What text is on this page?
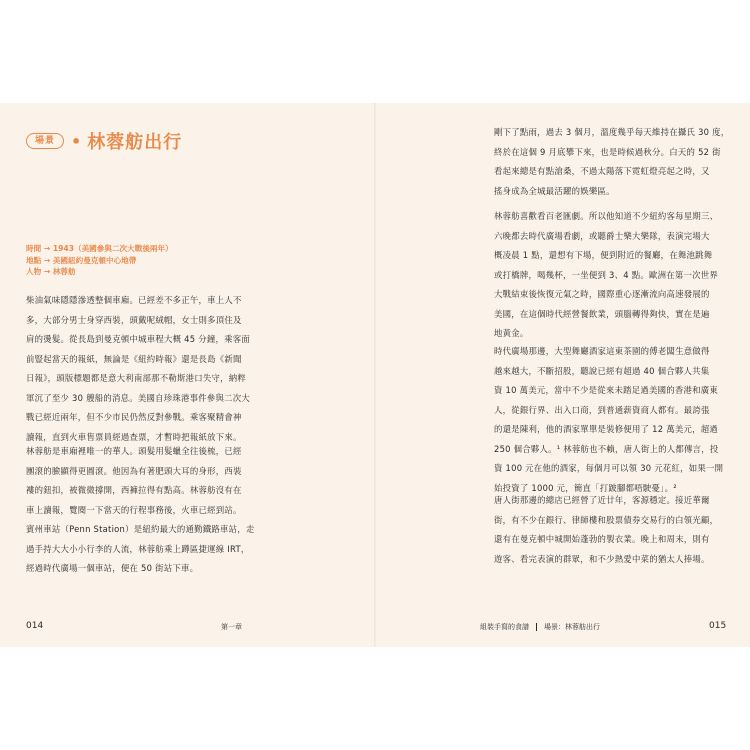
場景	• 林蓉舫出行
時間 → 1943（美國參與二次大戰後兩年）
地點 → 美國紐約曼克頓中心地帶
人物 → 林蓉舫
柴油氣味隱隱滲透整個車廂。已經差不多正午，車上人不
多，大部分男士身穿西裝，頭戴呢絨帽，女士則多頂住及
肩的燙髮。從長島到曼克頓中城車程大概 45 分鐘，乘客面
前豎起當天的報紙，無論是《紐約時報》還是長島《新聞
日報》，頭版標題都是意大利南部那不勒斯港口失守，納粹
軍沉了至少 30 艘船的消息。美國自珍珠港事件參與二次大
戰已經近兩年，但不少市民仍然反對參戰。乘客聚精會神
讀報，直到火車售票員經過查票，才暫時把報紙放下來。
林蓉舫是車廂裡唯一的華人。頭髮用髮蠟全往後梳，已經
團滾的臉顯得更圓滾。他因為有著肥頭大耳的身形，西裝
褸的鈕扣，被微微撐開，西褲拉得有點高。林蓉舫沒有在
車上讀報，覽閱一下當天的行程事務後，火車已經到站。
賓州車站（Penn Station）是紐約最大的通勤鐵路車站，走
過手持大大小小行李的人流，林蓉舫乘上蹲區捷運線 IRT，
經過時代廣場一個車站，便在 50 街站下車。
014	第一章
剛下了點雨，過去 3 個月，溫度幾乎每天維持在攝氏 30 度，
終於在這個 9 月底攀下來，也是時候過秋分。白天的 52 街
看起來總是有點滄桑，不過太陽落下霓虹燈亮起之時，又
搖身成為全城最活躍的娛樂區。
林蓉舫喜歡看百老匯劇。所以他知道不少紐約客每星期三、
六晚都去時代廣場看劇，或聽爵士樂大樂隊，表演完場大
概凌晨 1 點，還想有下場，便到附近的餐廳，在舞池跳舞
或打橋牌，喝幾杯，一坐便到 3、4 點。歐洲在第一次世界
大戰結束後恢復元氣之時，國際重心逐漸流向高速發展的
美國，在這個時代經營餐飲業，頭腦轉得夠快，實在是遍
地黃金。
時代廣場那邊，大型舞廳酒家這東茶園的傅老闆生意做得
越來越大，不斷招股，聽說已經有超過 40 個合夥人共集
資 10 萬美元，當中不少是從來未踏足過美國的香港和廣東
人，從銀行界、出入口商，到普通薪資商人都有。最誇張
的還是陳利，他的酒家單單是裝修便用了 12 萬美元，超過
250 個合夥人。¹ 林蓉舫也不賴，唐人街上的人都傳言，投
資 100 元在他的酒家，每個月可以領 30 元花紅，如果一開
始投資了 1000 元，簡直「打跛腳都唔駛憂」。²
唐人街那邊的總店已經營了近廿年，客源穩定。接近華爾
街，有不少在銀行、律師樓和股票債券交易行的白領光顧，
還有在曼克頓中城開始蓬勃的製衣業。晚上和周末，則有
遊客、看完表演的群眾，和不少熱愛中菜的猶太人捧場。
組裝手寫的食譜 場景：林蓉舫出行	015
